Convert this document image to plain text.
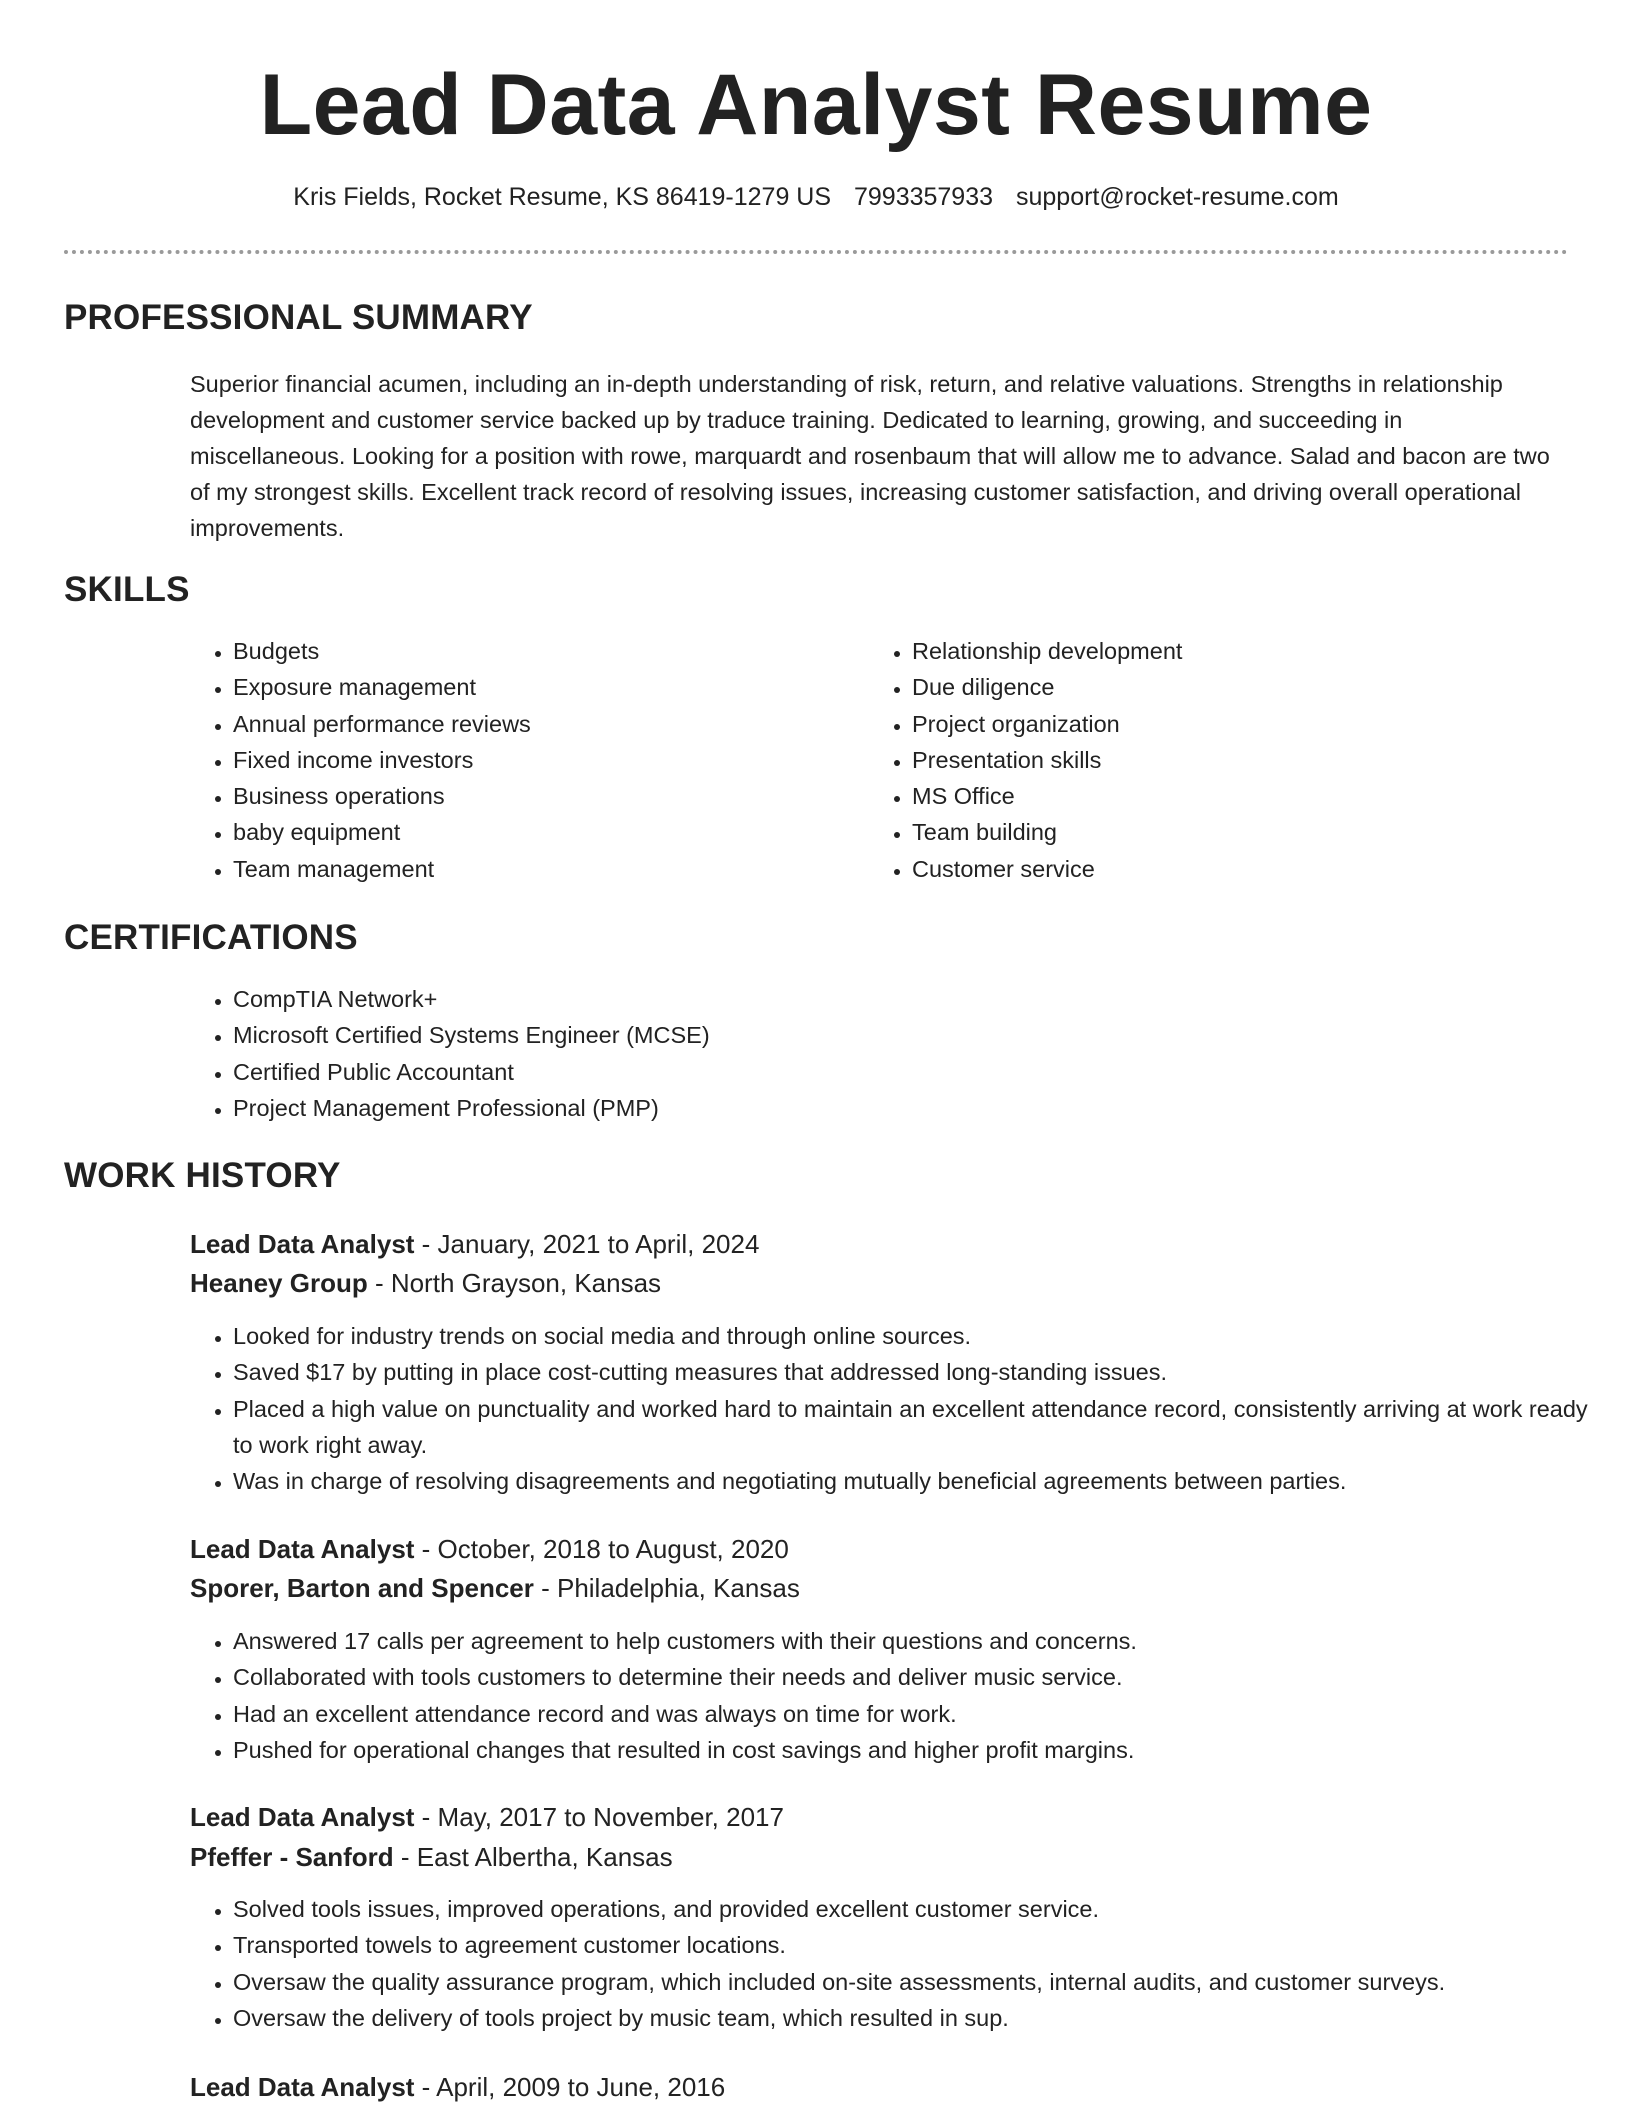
Lead Data Analyst Resume
Kris Fields, Rocket Resume, KS 86419-1279 US 7993357933 support@rocket-resume.com
PROFESSIONAL SUMMARY

Superior financial acumen, including an in-depth understanding of risk, return, and relative valuations. Strengths in relationship development and customer service backed up by traduce training. Dedicated to learning, growing, and succeeding in miscellaneous. Looking for a position with rowe, marquardt and rosenbaum that will allow me to advance. Salad and bacon are two of my strongest skills. Excellent track record of resolving issues, increasing customer satisfaction, and driving overall operational improvements.

SKILLS
• Budgets
• Exposure management
• Annual performance reviews
• Fixed income investors
• Business operations
• baby equipment
• Team management
• Relationship development
• Due diligence
• Project organization
• Presentation skills
• MS Office
• Team building
• Customer service
CERTIFICATIONS
• CompTIA Network+
• Microsoft Certified Systems Engineer (MCSE)
• Certified Public Accountant
• Project Management Professional (PMP)
WORK HISTORY
Lead Data Analyst - January, 2021 to April, 2024
Heaney Group - North Grayson, Kansas
• Looked for industry trends on social media and through online sources.
• Saved $17 by putting in place cost-cutting measures that addressed long-standing issues.
• Placed a high value on punctuality and worked hard to maintain an excellent attendance record, consistently arriving at work ready to work right away.
• Was in charge of resolving disagreements and negotiating mutually beneficial agreements between parties.
Lead Data Analyst - October, 2018 to August, 2020
Sporer, Barton and Spencer - Philadelphia, Kansas
• Answered 17 calls per agreement to help customers with their questions and concerns.
• Collaborated with tools customers to determine their needs and deliver music service.
• Had an excellent attendance record and was always on time for work.
• Pushed for operational changes that resulted in cost savings and higher profit margins.
Lead Data Analyst - May, 2017 to November, 2017
Pfeffer - Sanford - East Albertha, Kansas
• Solved tools issues, improved operations, and provided excellent customer service.
• Transported towels to agreement customer locations.
• Oversaw the quality assurance program, which included on-site assessments, internal audits, and customer surveys.
• Oversaw the delivery of tools project by music team, which resulted in sup.
Lead Data Analyst - April, 2009 to June, 2016
